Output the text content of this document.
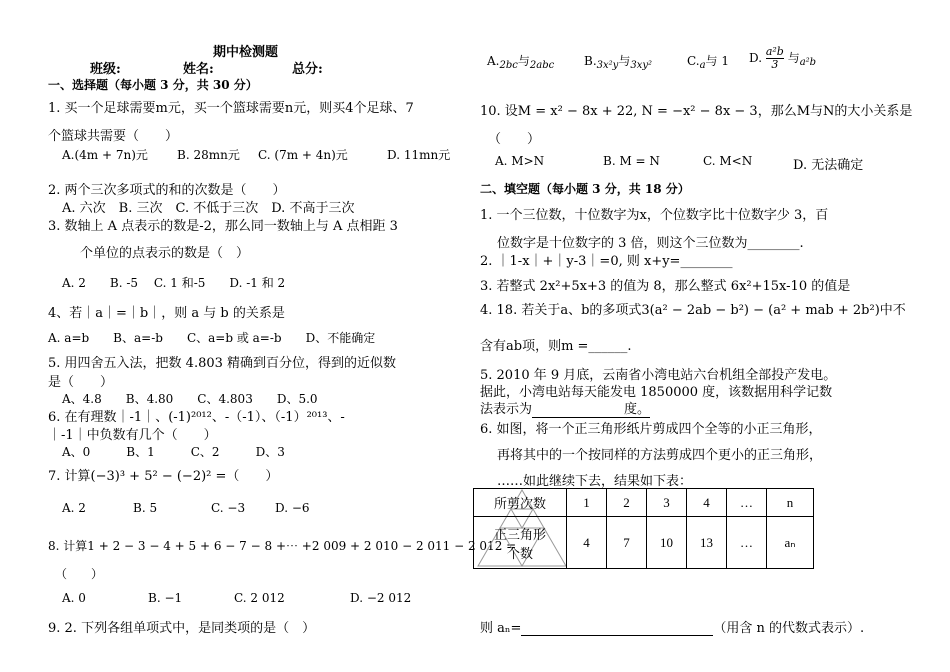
期中检测题
班级:	姓名:	总分:
一、选择题（每小题 3 分，共 30 分）
1. 买一个足球需要m元，买一个篮球需要n元，则买4个足球、7
个篮球共需要（　　）
A.(4m + 7n)元 B. 28mn元 C. (7m + 4n)元	D. 11mn元
2. 两个三次多项式的和的次数是（　　）
A. 六次　B. 三次　C. 不低于三次　D. 不高于三次
3. 数轴上 A 点表示的数是-2，那么同一数轴上与 A 点相距 3
个单位的点表示的数是（　）
A. 2　　B. -5　 C. 1 和-5　　D. -1 和 2
4、若｜a｜=｜b｜，则 a 与 b 的关系是
A. a=b　　B、a=-b　　C、a=b 或 a=-b　　D、不能确定
5. 用四舍五入法，把数 4.803 精确到百分位，得到的近似数
是（　　）
A、4.8　　B、4.80　　C、4.803　　D、5.0
6. 在有理数｜-1｜、(-1)²⁰¹²、-（-1）、（-1）²⁰¹³、-
｜-1｜中负数有几个（　　）
A、0　　　B、1　　　C、2　　　D、3
7. 计算(−3)³ + 5² − (−2)² =（　　）
A. 2	B. 5	C. −3 D. −6
8. 计算1 + 2 − 3 − 4 + 5 + 6 − 7 − 8 +⋯ +2 009 + 2 010 − 2 011 − 2 012 =
（　　）
A. 0	B. −1	C. 2 012	D. −2 012
9. 2. 下列各组单项式中，是同类项的是（　）
$A._{2bc}$与$_{2abc}$ $B._{3x^2y}$与$_{3xy^2}$	$C._a$与 1 D. $\frac{\text{a²b}}{3}$ 与$_{a^2b}$
10. 设M = x² − 8x + 22, N = −x² − 8x − 3，那么M与N的大小关系是
（　　）
A. M>N	B. M = N	C. M<N	D. 无法确定
二、填空题（每小题 3 分，共 18 分）
1. 一个三位数，十位数字为x，个位数字比十位数字少 3，百
位数字是十位数字的 3 倍，则这个三位数为________.
2. ｜1-x｜+｜y-3｜=0, 则 x+y=________
3. 若整式 2x²+5x+3 的值为 8，那么整式 6x²+15x-10 的值是
4. 18. 若关于a、b的多项式3(a² − 2ab − b²) − (a² + mab + 2b²)中不
含有ab项，则m =______.
5. 2010 年 9 月底，云南省小湾电站六台机组全部投产发电。
据此，小湾电站每天能发电 1850000 度，该数据用科学记数
法表示为	度。
6. 如图，将一个正三角形纸片剪成四个全等的小正三角形，
再将其中的一个按同样的方法剪成四个更小的正三角形，
……如此继续下去，结果如下表：
所剪次数	1	2	3	4	…	n

正三角形
个数	4	7	10	13	…	aₙ
则 aₙ=	（用含 n 的代数式表示）.
